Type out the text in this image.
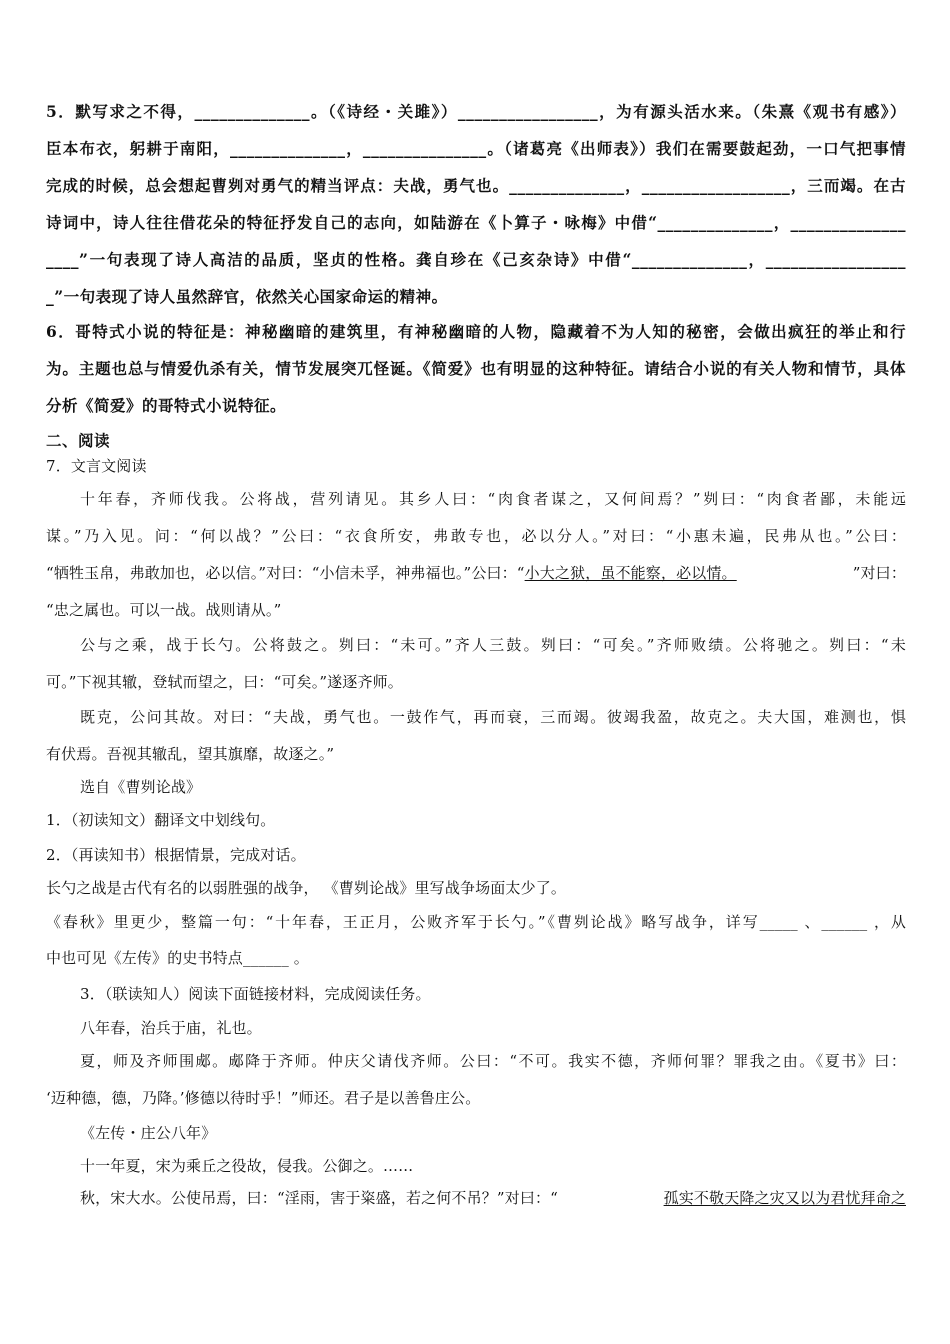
5．默写求之不得，______________。（《诗经・关雎》）_________________，为有源头活水来。（朱熹《观书有感》）
臣本布衣，躬耕于南阳，______________，_______________。（诸葛亮《出师表》）我们在需要鼓起劲，一口气把事情
完成的时候，总会想起曹刿对勇气的精当评点：夫战，勇气也。______________，__________________，三而竭。在古
诗词中，诗人往往借花朵的特征抒发自己的志向，如陆游在《卜算子・咏梅》中借“______________，______________
____”一句表现了诗人高洁的品质，坚贞的性格。龚自珍在《己亥杂诗》中借“______________，_________________
_”一句表现了诗人虽然辞官，依然关心国家命运的精神。
6．哥特式小说的特征是：神秘幽暗的建筑里，有神秘幽暗的人物，隐藏着不为人知的秘密，会做出疯狂的举止和行
为。主题也总与情爱仇杀有关，情节发展突兀怪诞。《简爱》也有明显的这种特征。请结合小说的有关人物和情节，具体
分析《简爱》的哥特式小说特征。
二、阅读
7．文言文阅读
十年春，齐师伐我。公将战，营列请见。其乡人曰：“肉食者谋之，又何间焉？”刿曰：“肉食者鄙，未能远
谋。”乃入见。问：“何以战？”公曰：“衣食所安，弗敢专也，必以分人。”对曰：“小惠未遍，民弗从也。”公曰：
“牺牲玉帛，弗敢加也，必以信。”对曰：“小信未孚，神弗福也。”公曰：“ 小大之狱，虽不能察，必以情。	”对曰：
“忠之属也。可以一战。战则请从。”
公与之乘，战于长勺。公将鼓之。刿曰：“未可。”齐人三鼓。刿曰：“可矣。”齐师败绩。公将驰之。刿曰：“未
可。”下视其辙，登轼而望之，曰：“可矣。”遂逐齐师。
既克，公问其故。对曰：“夫战，勇气也。一鼓作气，再而衰，三而竭。彼竭我盈，故克之。夫大国，难测也，惧
有伏焉。吾视其辙乱，望其旗靡，故逐之。”
选自《曹刿论战》
1．（初读知文）翻译文中划线句。
2．（再读知书）根据情景，完成对话。
长勺之战是古代有名的以弱胜强的战争， 《曹刿论战》里写战争场面太少了。
《春秋》里更少，整篇一句：“十年春，王正月，公败齐军于长勺。”《曹刿论战》略写战争，详写_____ 、______ ，从
中也可见《左传》的史书特点______ 。
3．（联读知人）阅读下面链接材料，完成阅读任务。
八年春，治兵于庙，礼也。
夏，师及齐师围郕。郕降于齐师。仲庆父请伐齐师。公曰：“不可。我实不德，齐师何罪？罪我之由。《夏书》曰：
‘迈种德，德，乃降。’修德以待时乎！”师还。君子是以善鲁庄公。
《左传・庄公八年》
十一年夏，宋为乘丘之役故，侵我。公御之。……
秋，宋大水。公使吊焉，曰：“淫雨，害于粢盛，若之何不吊？”对曰：“	孤实不敬天降之灾又以为君忧拜命之
